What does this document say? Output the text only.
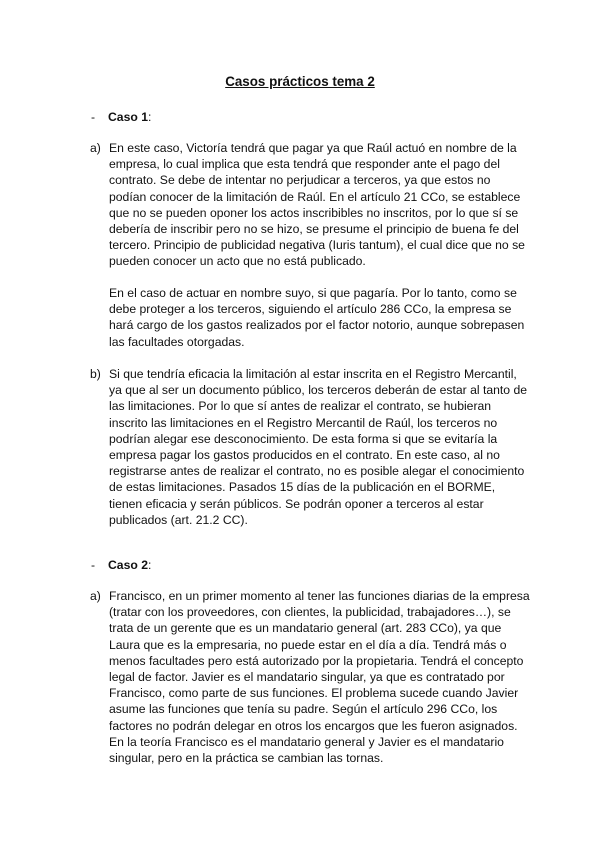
Casos prácticos tema 2
- Caso 1:
a) En este caso, Victoría tendrá que pagar ya que Raúl actuó en nombre de la empresa, lo cual implica que esta tendrá que responder ante el pago del contrato. Se debe de intentar no perjudicar a terceros, ya que estos no podían conocer de la limitación de Raúl. En el artículo 21 CCo, se establece que no se pueden oponer los actos inscribibles no inscritos, por lo que sí se debería de inscribir pero no se hizo, se presume el principio de buena fe del tercero. Principio de publicidad negativa (Iuris tantum), el cual dice que no se pueden conocer un acto que no está publicado.
En el caso de actuar en nombre suyo, si que pagaría. Por lo tanto, como se debe proteger a los terceros, siguiendo el artículo 286 CCo, la empresa se hará cargo de los gastos realizados por el factor notorio, aunque sobrepasen las facultades otorgadas.
b) Si que tendría eficacia la limitación al estar inscrita en el Registro Mercantil, ya que al ser un documento público, los terceros deberán de estar al tanto de las limitaciones. Por lo que sí antes de realizar el contrato, se hubieran inscrito las limitaciones en el Registro Mercantil de Raúl, los terceros no podrían alegar ese desconocimiento. De esta forma si que se evitaría la empresa pagar los gastos producidos en el contrato. En este caso, al no registrarse antes de realizar el contrato, no es posible alegar el conocimiento de estas limitaciones. Pasados 15 días de la publicación en el BORME, tienen eficacia y serán públicos. Se podrán oponer a terceros al estar publicados (art. 21.2 CC).
- Caso 2:
a) Francisco, en un primer momento al tener las funciones diarias de la empresa (tratar con los proveedores, con clientes, la publicidad, trabajadores…), se trata de un gerente que es un mandatario general (art. 283 CCo), ya que Laura que es la empresaria, no puede estar en el día a día. Tendrá más o menos facultades pero está autorizado por la propietaria. Tendrá el concepto legal de factor. Javier es el mandatario singular, ya que es contratado por Francisco, como parte de sus funciones. El problema sucede cuando Javier asume las funciones que tenía su padre. Según el artículo 296 CCo, los factores no podrán delegar en otros los encargos que les fueron asignados. En la teoría Francisco es el mandatario general y Javier es el mandatario singular, pero en la práctica se cambian las tornas.
